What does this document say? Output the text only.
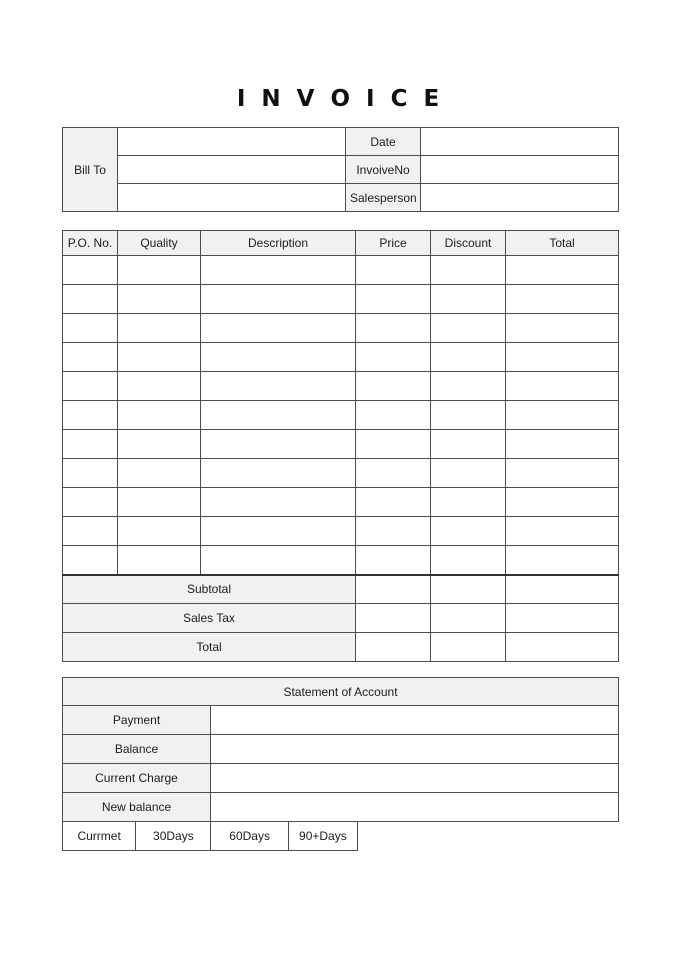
I N V O I C E
Bill To		Date	
		InvoiveNo	
		Salesperson	
P.O. No.	Quality	Description	Price	Discount	Total

Subtotal					
Sales Tax					
Total					
Statement of Account	
Payment	
Balance	
Current Charge	
New balance	
Currmet	30Days	60Days	90+Days
